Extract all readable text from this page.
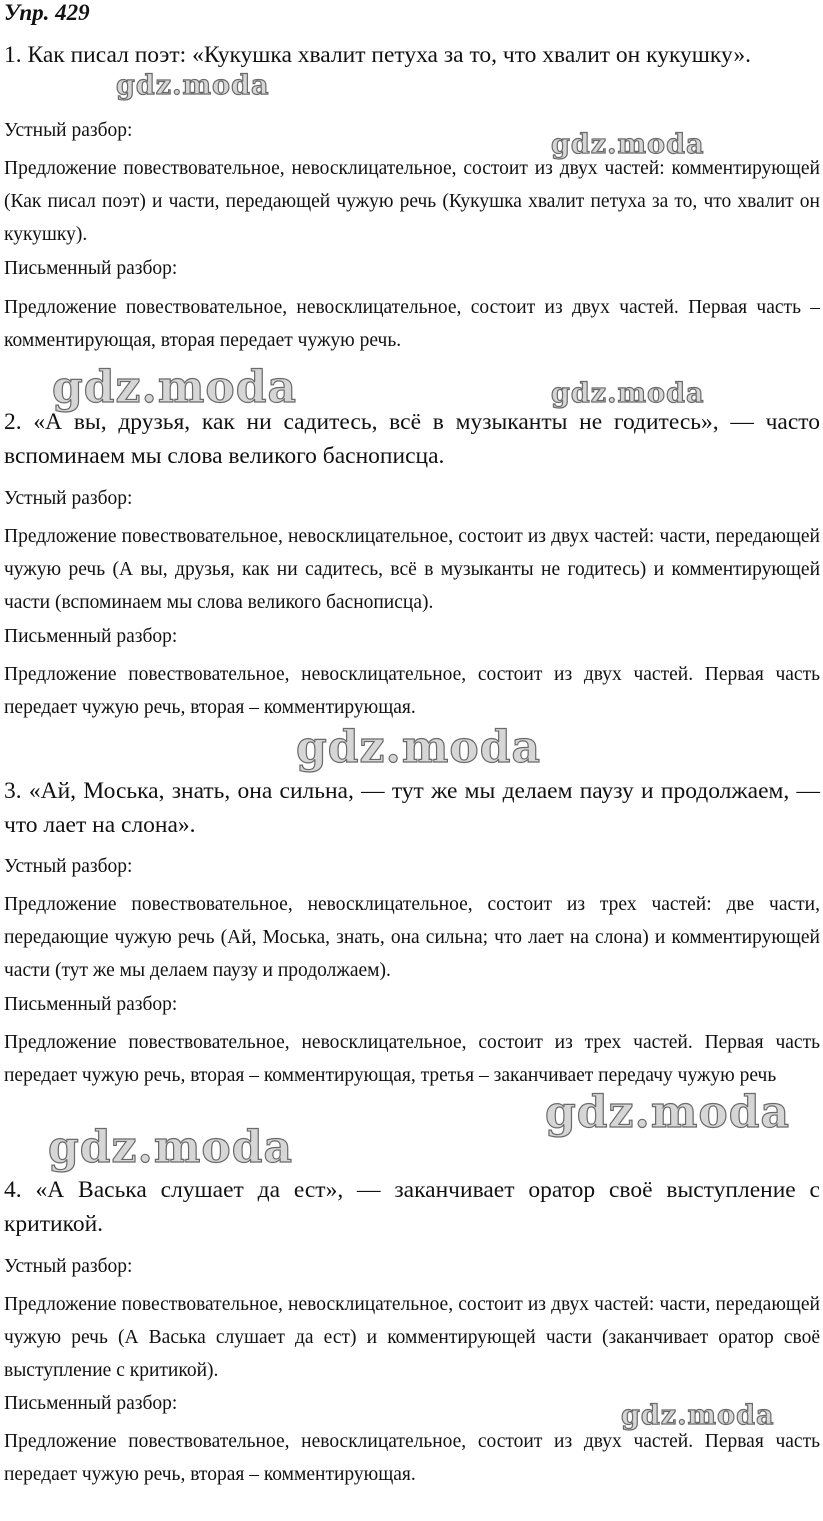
Упр. 429

1. Как писал поэт: «Кукушка хвалит петуха за то, что хвалит он кукушку».

Устный разбор:

Предложение повествовательное, невосклицательное, состоит из двух частей: комментирующей (Как писал поэт) и части, передающей чужую речь (Кукушка хвалит петуха за то, что хвалит он кукушку).

Письменный разбор:

Предложение повествовательное, невосклицательное, состоит из двух частей. Первая часть – комментирующая, вторая передает чужую речь.

2. «А вы, друзья, как ни садитесь, всё в музыканты не годитесь», — часто вспоминаем мы слова великого баснописца.

Устный разбор:

Предложение повествовательное, невосклицательное, состоит из двух частей: части, передающей чужую речь (А вы, друзья, как ни садитесь, всё в музыканты не годитесь) и комментирующей части (вспоминаем мы слова великого баснописца).

Письменный разбор:

Предложение повествовательное, невосклицательное, состоит из двух частей. Первая часть передает чужую речь, вторая – комментирующая.

3. «Ай, Моська, знать, она сильна, — тут же мы делаем паузу и продолжаем, — что лает на слона».

Устный разбор:

Предложение повествовательное, невосклицательное, состоит из трех частей: две части, передающие чужую речь (Ай, Моська, знать, она сильна; что лает на слона) и комментирующей части (тут же мы делаем паузу и продолжаем).

Письменный разбор:

Предложение повествовательное, невосклицательное, состоит из трех частей. Первая часть передает чужую речь, вторая – комментирующая, третья – заканчивает передачу чужую речь

4. «А Васька слушает да ест», — заканчивает оратор своё выступление с критикой.

Устный разбор:

Предложение повествовательное, невосклицательное, состоит из двух частей: части, передающей чужую речь (А Васька слушает да ест) и комментирующей части (заканчивает оратор своё выступление с критикой).

Письменный разбор:

Предложение повествовательное, невосклицательное, состоит из двух частей. Первая часть передает чужую речь, вторая – комментирующая.

gdz.moda
gdz.moda
gdz.moda	gdz.moda
gdz.moda
gdz.moda
gdz.moda
gdz.moda
